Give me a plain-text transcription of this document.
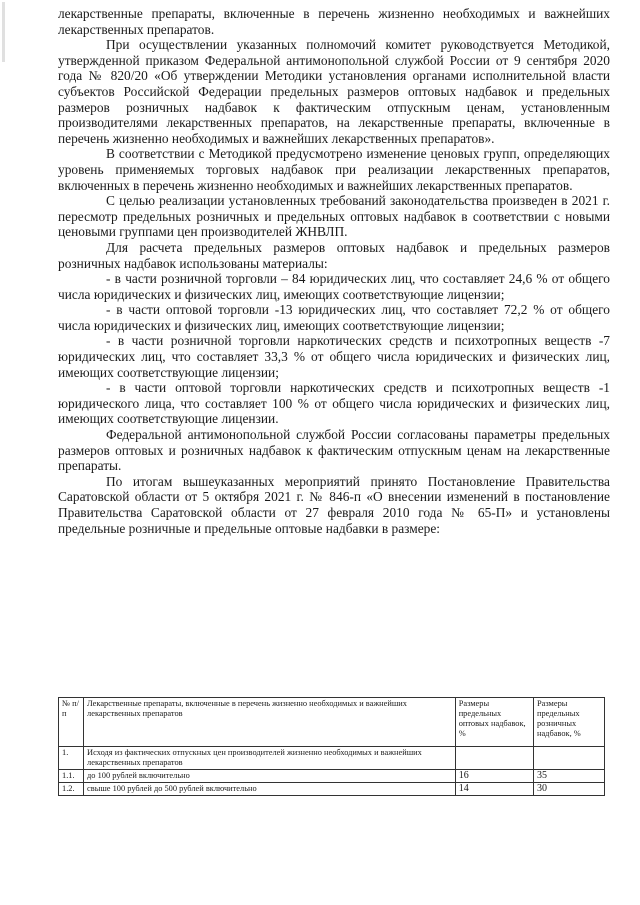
лекарственные препараты, включенные в перечень жизненно необходимых и важнейших лекарственных препаратов.

При осуществлении указанных полномочий комитет руководствуется Методикой, утвержденной приказом Федеральной антимонопольной службой России от 9 сентября 2020 года № 820/20 «Об утверждении Методики установления органами исполнительной власти субъектов Российской Федерации предельных размеров оптовых надбавок и предельных размеров розничных надбавок к фактическим отпускным ценам, установленным производителями лекарственных препаратов, на лекарственные препараты, включенные в перечень жизненно необходимых и важнейших лекарственных препаратов».

В соответствии с Методикой предусмотрено изменение ценовых групп, определяющих уровень применяемых торговых надбавок при реализации лекарственных препаратов, включенных в перечень жизненно необходимых и важнейших лекарственных препаратов.

С целью реализации установленных требований законодательства произведен в 2021 г. пересмотр предельных розничных и предельных оптовых надбавок в соответствии с новыми ценовыми группами цен производителей ЖНВЛП.

Для расчета предельных размеров оптовых надбавок и предельных размеров розничных надбавок использованы материалы:

- в части розничной торговли – 84 юридических лиц, что составляет 24,6 % от общего числа юридических и физических лиц, имеющих соответствующие лицензии;

- в части оптовой торговли -13 юридических лиц, что составляет 72,2 % от общего числа юридических и физических лиц, имеющих соответствующие лицензии;

- в части розничной торговли наркотических средств и психотропных веществ -7 юридических лиц, что составляет 33,3 % от общего числа юридических и физических лиц, имеющих соответствующие лицензии;

- в части оптовой торговли наркотических средств и психотропных веществ -1 юридического лица, что составляет 100 % от общего числа юридических и физических лиц, имеющих соответствующие лицензии.

Федеральной антимонопольной службой России согласованы параметры предельных размеров оптовых и розничных надбавок к фактическим отпускным ценам на лекарственные препараты.

По итогам вышеуказанных мероприятий принято Постановление Правительства Саратовской области от 5 октября 2021 г. № 846-п «О внесении изменений в постановление Правительства Саратовской области от 27 февраля 2010 года № 65-П» и установлены предельные розничные и предельные оптовые надбавки в размере:

№ п/п	Лекарственные препараты, включенные в перечень жизненно необходимых и важнейших лекарственных препаратов	Размеры предельных оптовых надбавок, %	Размеры предельных розничных надбавок, %
1.	Исходя из фактических отпускных цен производителей жизненно необходимых и важнейших лекарственных препаратов		
1.1.	до 100 рублей включительно	16	35
1.2.	свыше 100 рублей до 500 рублей включительно	14	30
